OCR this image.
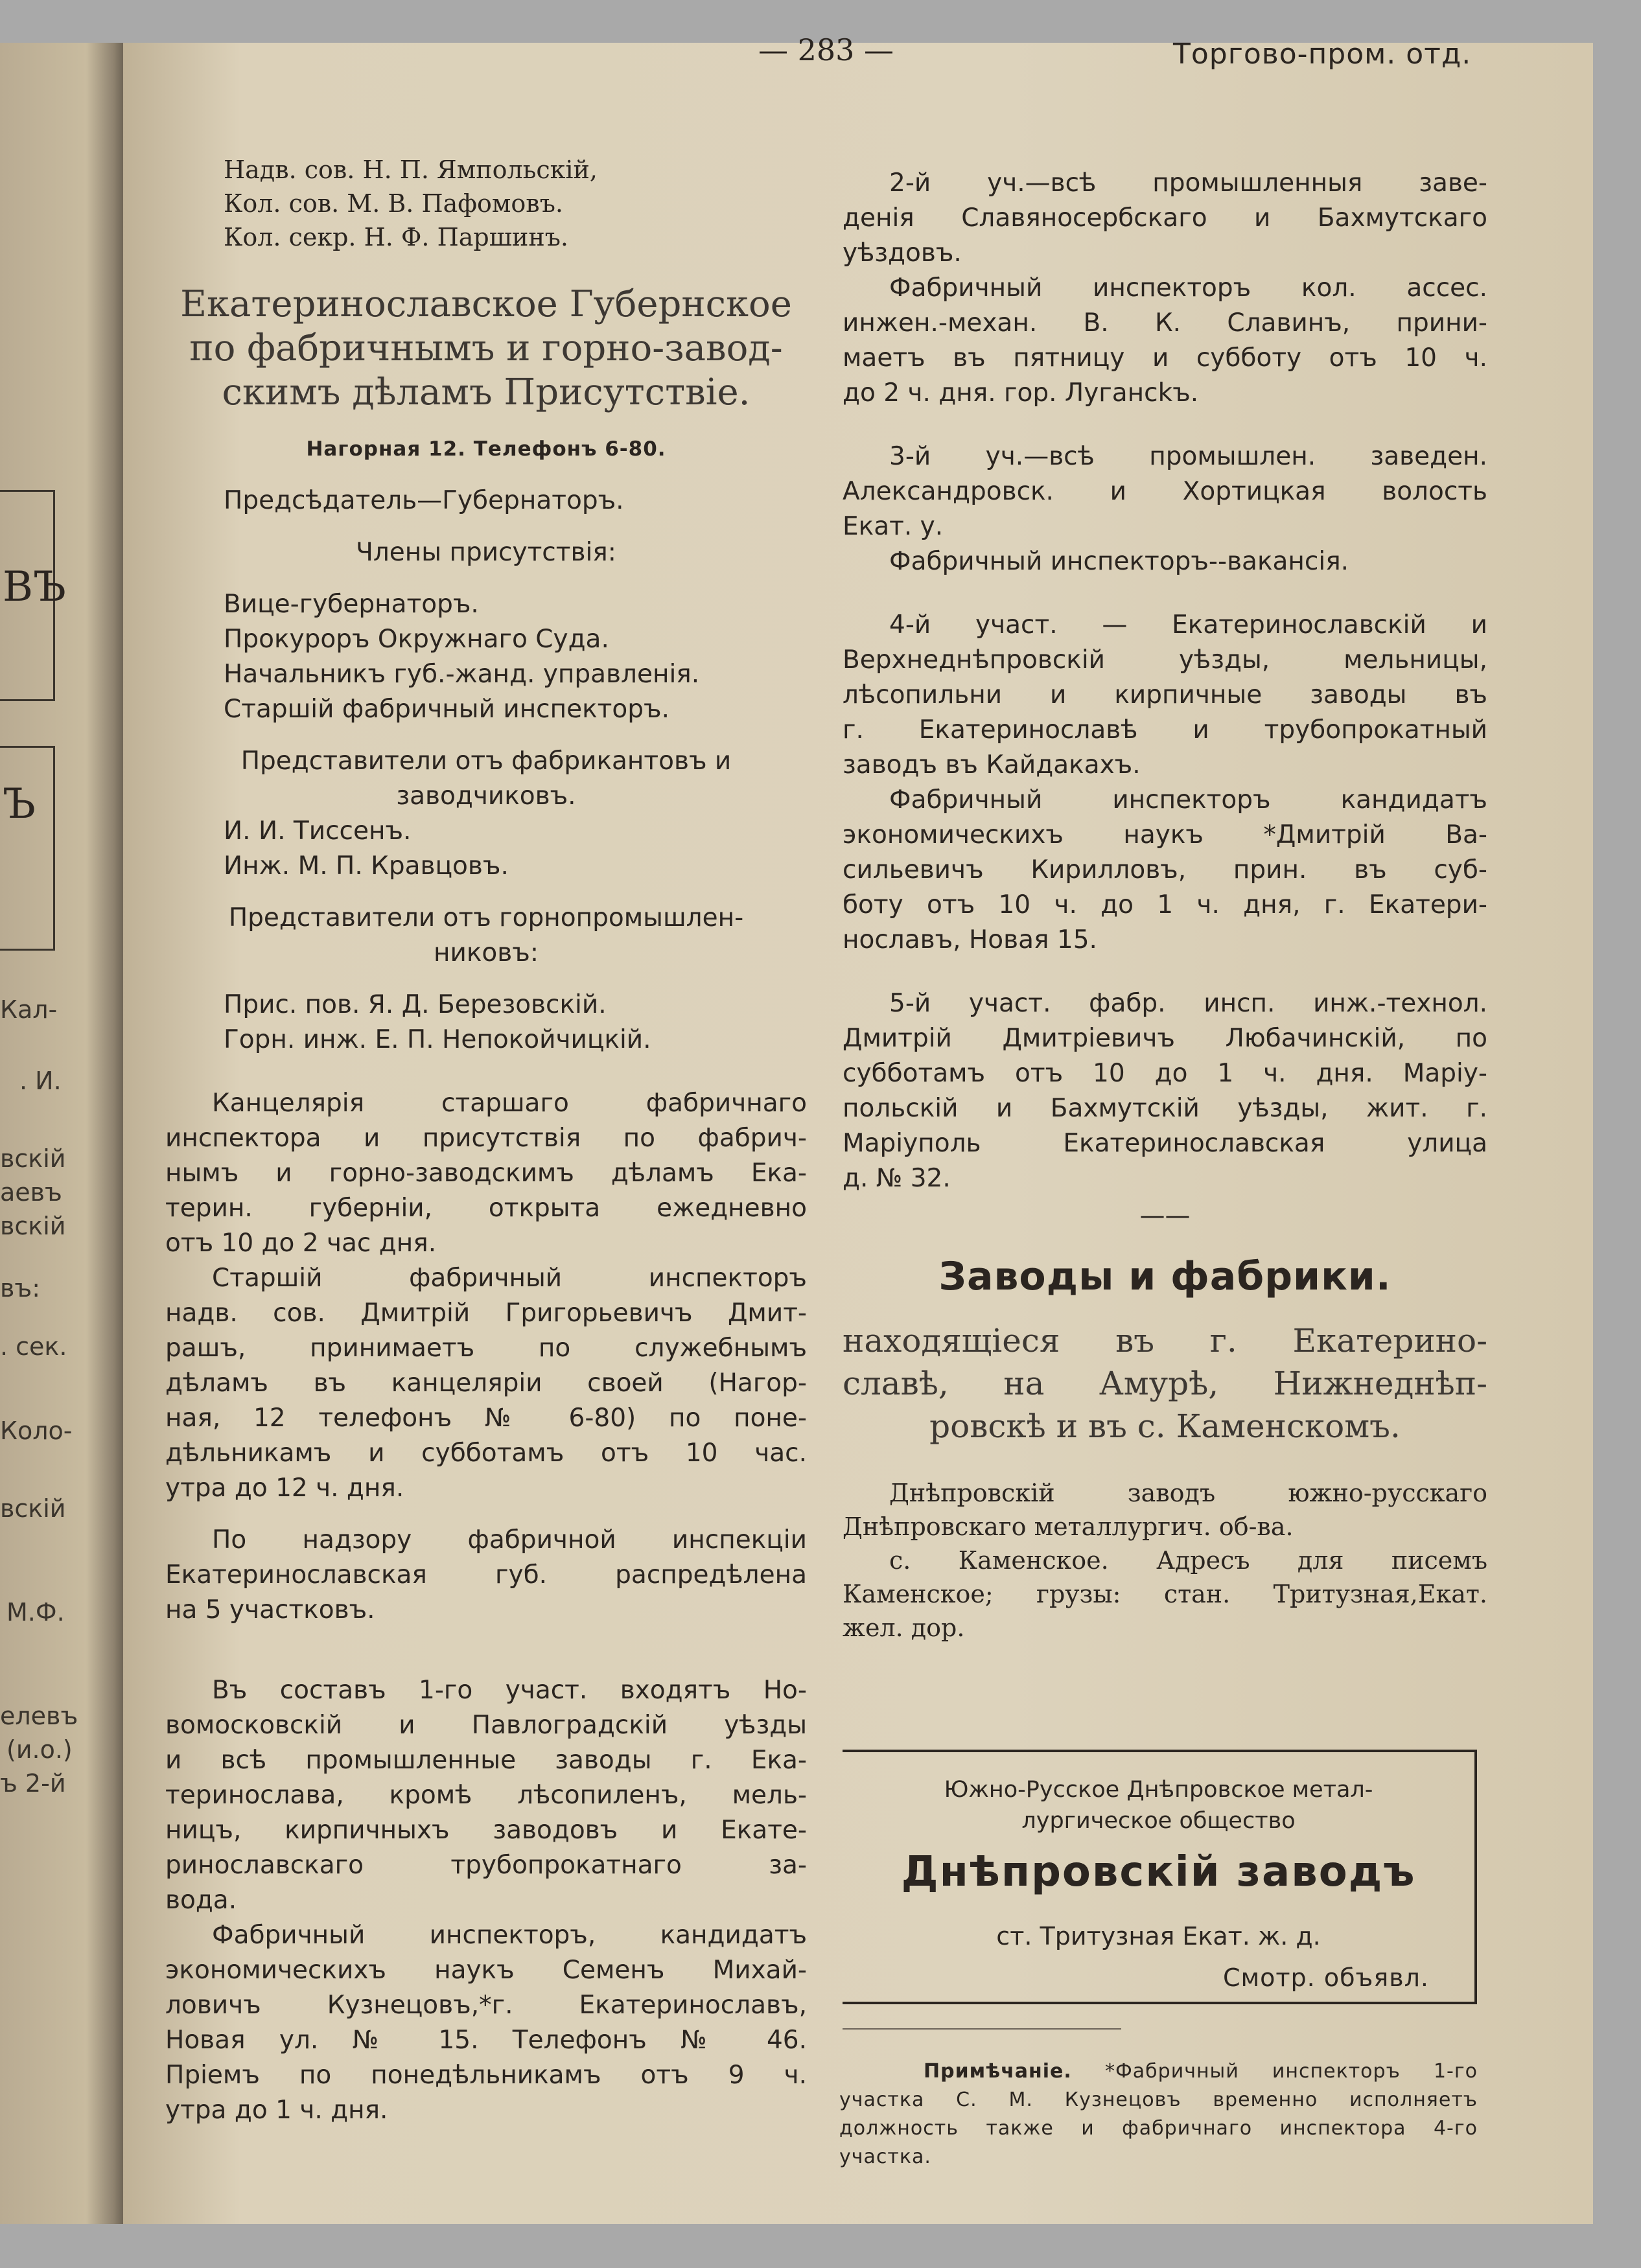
ВЪ
Ъ
Кал-
. И.
вскій
аевъ
вскій
въ:
. сек.
Коло-
вскій
М.Ф.
елевъ
(и.о.)
ъ 2-й
— 283 —	Торгово-пром. отд.

Надв. сов. Н. П. Ямпольскій,

Кол. сов. М. В. Пафомовъ.

Кол. секр. Н. Ф. Паршинъ.

Екатеринославское Губернское

по фабричнымъ и горно-завод-

скимъ дѣламъ Присутствіе.

Нагорная 12. Телефонъ 6-80.

Предсѣдатель—Губернаторъ.

Члены присутствія:

Вице-губернаторъ.

Прокуроръ Окружнаго Суда.

Начальникъ губ.-жанд. управленія.

Старшій фабричный инспекторъ.

Представители отъ фабрикантовъ и

заводчиковъ.

И. И. Тиссенъ.

Инж. М. П. Кравцовъ.

Представители отъ горнопромышлен-

никовъ:

Прис. пов. Я. Д. Березовскій.

Горн. инж. Е. П. Непокойчицкій.

Канцелярія старшаго фабричнаго

инспектора и присутствія по фабрич-

нымъ и горно-заводскимъ дѣламъ Ека-

терин. губерніи, открыта ежедневно

отъ 10 до 2 час дня.

Старшій фабричный инспекторъ

надв. сов. Дмитрій Григорьевичъ Дмит-

рашъ, принимаетъ по служебнымъ

дѣламъ въ канцеляріи своей (Нагор-

ная, 12 телефонъ № 6-80) по поне-

дѣльникамъ и субботамъ отъ 10 час.

утра до 12 ч. дня.

По надзору фабричной инспекціи

Екатеринославская губ. распредѣлена

на 5 участковъ.

Въ составъ 1-го участ. входятъ Но-

вомосковскій и Павлоградскій уѣзды

и всѣ промышленные заводы г. Ека-

теринослава, кромѣ лѣсопиленъ, мель-

ницъ, кирпичныхъ заводовъ и Екате-

ринославскаго трубопрокатнаго за-

вода.

Фабричный инспекторъ, кандидатъ

экономическихъ наукъ Семенъ Михай-

ловичъ Кузнецовъ,*г. Екатеринославъ,

Новая ул. № 15. Телефонъ № 46.

Пріемъ по понедѣльникамъ отъ 9 ч.

утра до 1 ч. дня.

2-й уч.—всѣ промышленныя заве-

денія Славяносербскаго и Бахмутскаго

уѣздовъ.

Фабричный инспекторъ кол. ассес.

инжен.-механ. В. К. Славинъ, прини-

маетъ въ пятницу и субботу отъ 10 ч.

до 2 ч. дня. гор. Лугансkъ.

3-й уч.—всѣ промышлен. заведен.

Александровск. и Хортицкая волость

Екат. у.

Фабричный инспекторъ--вакансія.

4-й участ. — Екатеринославскій и

Верхнеднѣпровскій уѣзды, мельницы,

лѣсопильни и кирпичные заводы въ

г. Екатеринославѣ и трубопрокатный

заводъ въ Кайдакахъ.

Фабричный инспекторъ кандидатъ

экономическихъ наукъ *Дмитрій Ва-

сильевичъ Кирилловъ, прин. въ суб-

боту отъ 10 ч. до 1 ч. дня, г. Екатери-

нославъ, Новая 15.

5-й участ. фабр. инсп. инж.-технол.

Дмитрій Дмитріевичъ Любачинскій, по

субботамъ отъ 10 до 1 ч. дня. Маріу-

польскій и Бахмутскій уѣзды, жит. г.

Маріуполь Екатеринославская улица

д. № 32.

——

Заводы и фабрики.

находящіеся въ г. Екатерино-

славѣ, на Амурѣ, Нижнеднѣп-

ровскѣ и въ с. Каменскомъ.

Днѣпровскій заводъ южно-русскаго

Днѣпровскаго металлургич. об-ва.

с. Каменское. Адресъ для писемъ

Каменское; грузы: стан. Тритузная,Екат.

жел. дор.

Южно-Русское Днѣпровское метал-
лургическое общество
Днѣпровскій заводъ
ст. Тритузная Екат. ж. д.
Смотр. объявл.
Примѣчаніе. *Фабричный инспекторъ 1-го
участка С. М. Кузнецовъ временно исполняетъ
должность также и фабричнаго инспектора 4-го
участка.
